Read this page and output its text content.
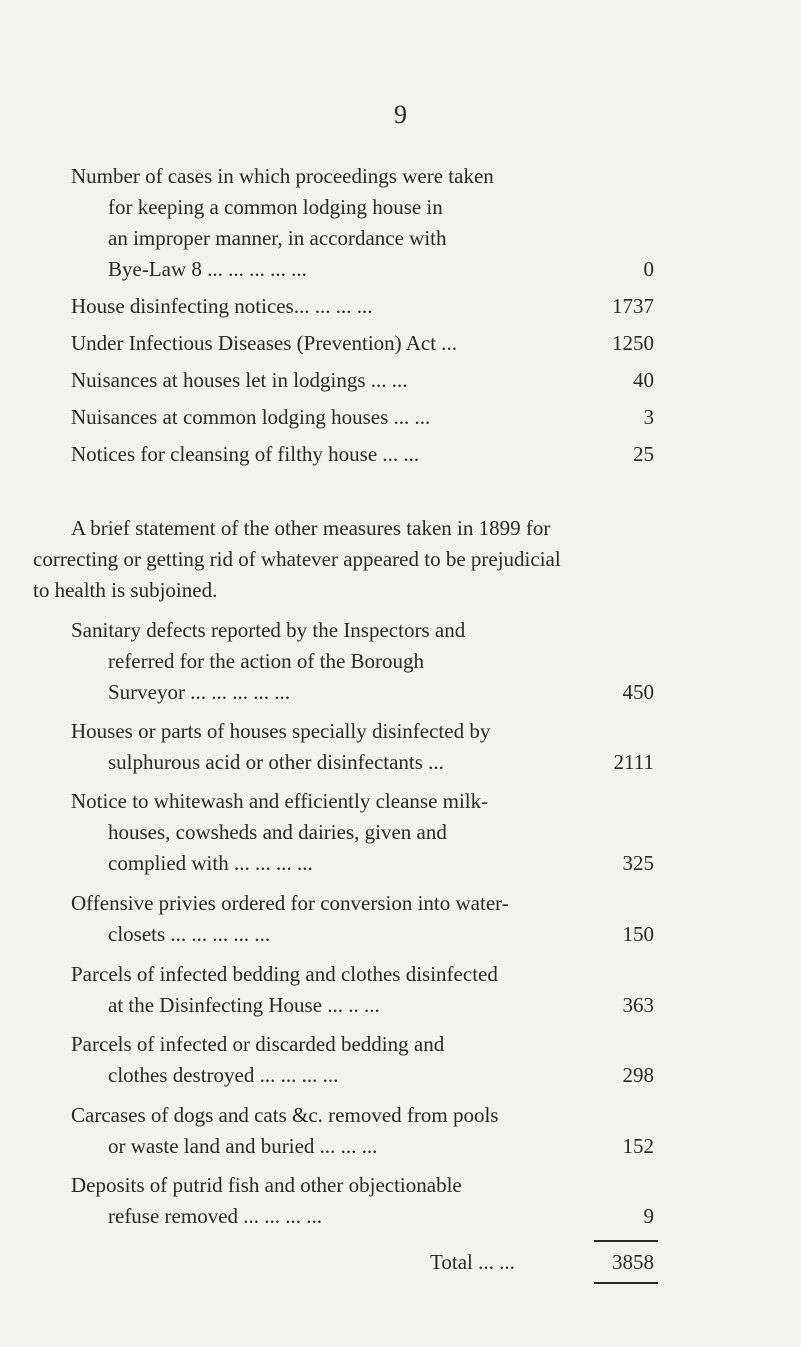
9
Number of cases in which proceedings were taken
for keeping a common lodging house in
an improper manner, in accordance with
Bye-Law 8 ... ... ... ... ...	0
House disinfecting notices... ... ... ...	1737
Under Infectious Diseases (Prevention) Act ...	1250
Nuisances at houses let in lodgings ... ...	40
Nuisances at common lodging houses ... ...	3
Notices for cleansing of filthy house ... ...	25
A brief statement of the other measures taken in 1899 for
correcting or getting rid of whatever appeared to be prejudicial
to health is subjoined.
Sanitary defects reported by the Inspectors and
referred for the action of the Borough
Surveyor ... ... ... ... ...	450
Houses or parts of houses specially disinfected by
sulphurous acid or other disinfectants ...	2111
Notice to whitewash and efficiently cleanse milk-
houses, cowsheds and dairies, given and
complied with ... ... ... ...	325
Offensive privies ordered for conversion into water-
closets ... ... ... ... ...	150
Parcels of infected bedding and clothes disinfected
at the Disinfecting House ... .. ...	363
Parcels of infected or discarded bedding and
clothes destroyed ... ... ... ...	298
Carcases of dogs and cats &c. removed from pools
or waste land and buried ... ... ...	152
Deposits of putrid fish and other objectionable
refuse removed ... ... ... ...	9
Total ... ...	3858
